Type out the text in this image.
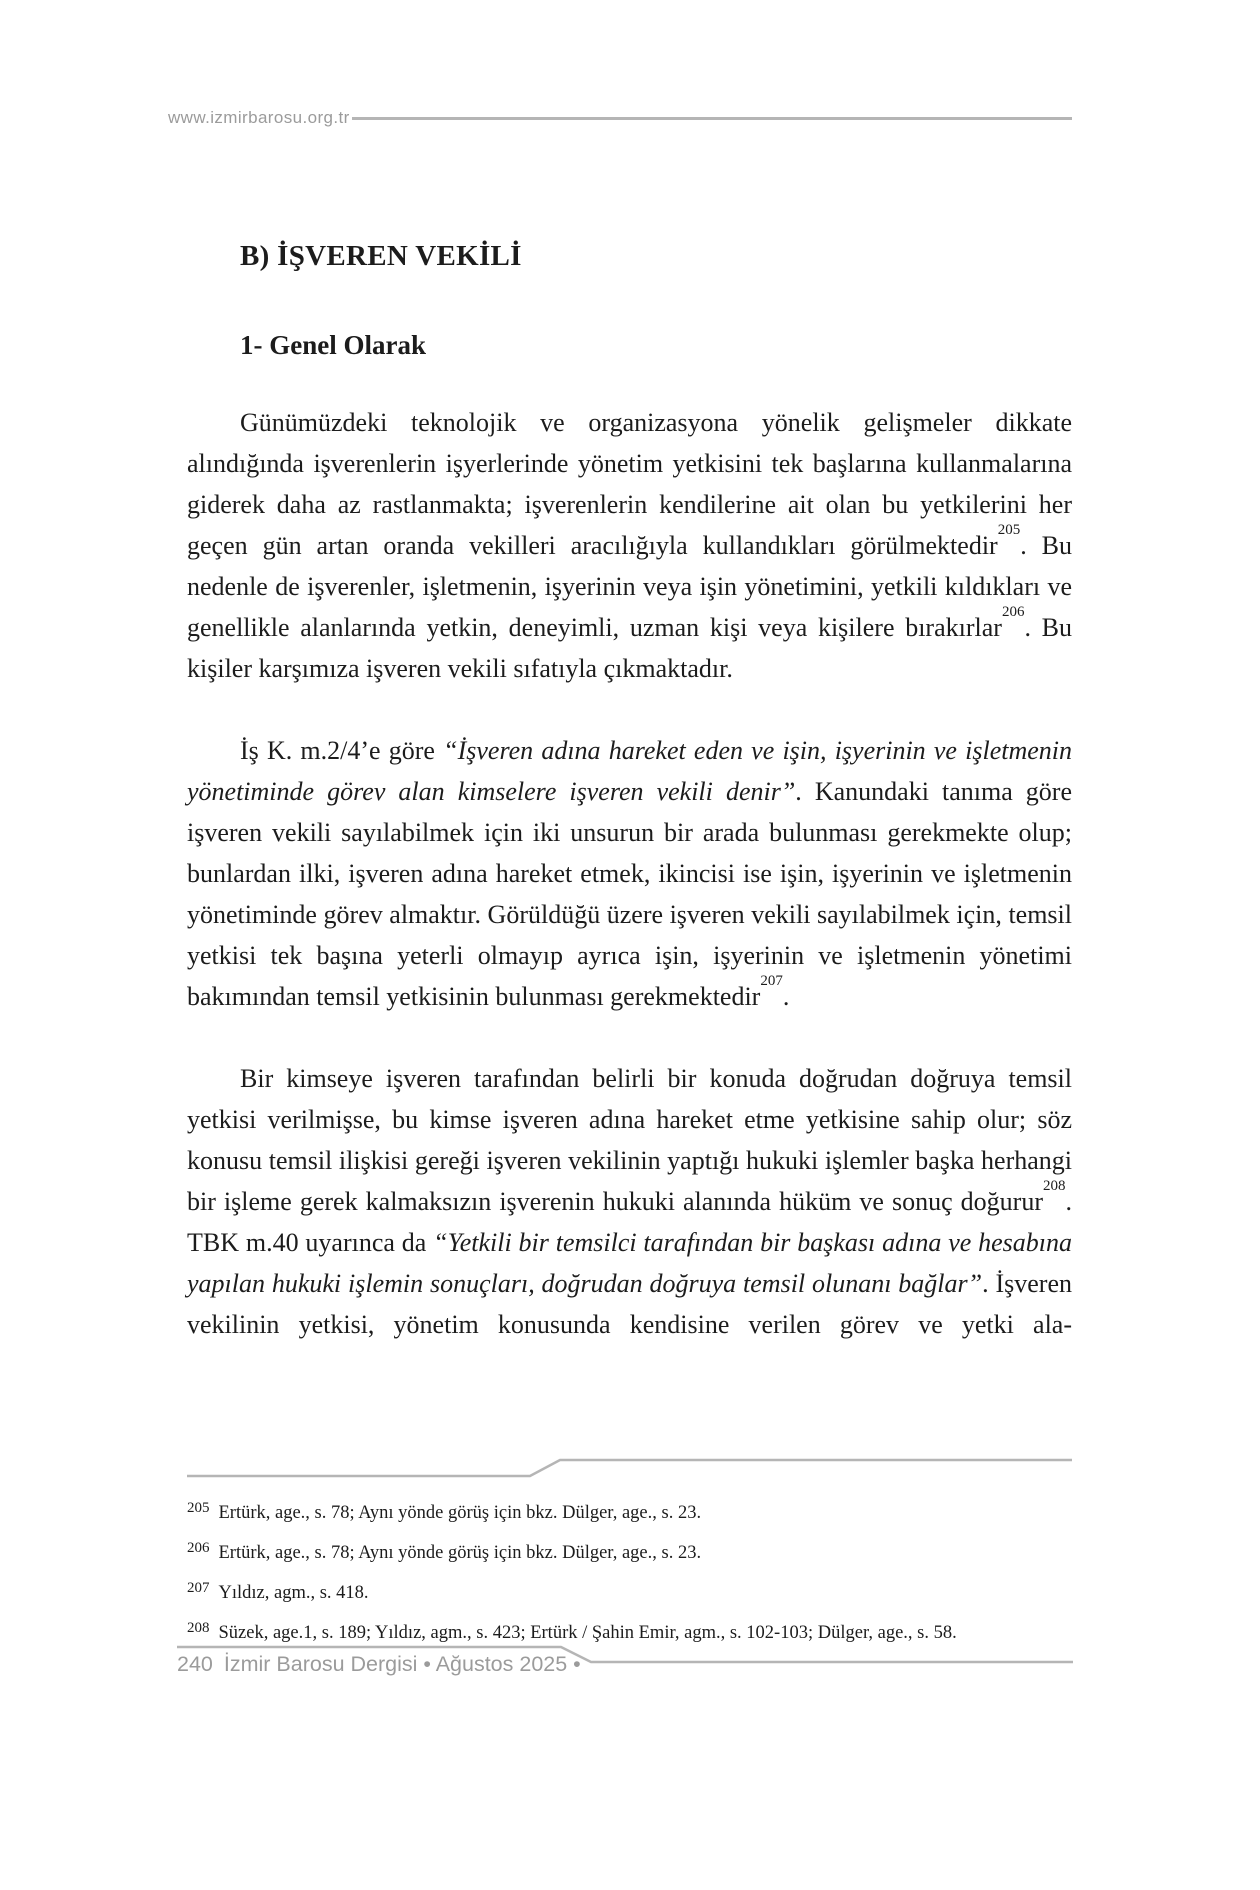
www.izmirbarosu.org.tr
B) İŞVEREN VEKİLİ
1- Genel Olarak

Günümüzdeki teknolojik ve organizasyona yönelik gelişmeler dikkate alındığında işverenlerin işyerlerinde yönetim yetkisini tek başlarına kullanmalarına giderek daha az rastlanmakta; işverenlerin kendilerine ait olan bu yetkilerini her geçen gün artan oranda vekilleri aracılığıyla kullandıkları görülmektedir$^{205}$. Bu nedenle de işverenler, işletmenin, işyerinin veya işin yönetimini, yetkili kıldıkları ve genellikle alanlarında yetkin, deneyimli, uzman kişi veya kişilere bırakırlar$^{206}$. Bu kişiler karşımıza işveren vekili sıfatıyla çıkmaktadır.

İş K. m.2/4’e göre “İşveren adına hareket eden ve işin, işyerinin ve işletmenin yönetiminde görev alan kimselere işveren vekili denir”. Kanundaki tanıma göre işveren vekili sayılabilmek için iki unsurun bir arada bulunması gerekmekte olup; bunlardan ilki, işveren adına hareket etmek, ikincisi ise işin, işyerinin ve işletmenin yönetiminde görev almaktır. Görüldüğü üzere işveren vekili sayılabilmek için, temsil yetkisi tek başına yeterli olmayıp ayrıca işin, işyerinin ve işletmenin yönetimi bakımından temsil yetkisinin bulunması gerekmektedir$^{207}$.

Bir kimseye işveren tarafından belirli bir konuda doğrudan doğruya temsil yetkisi verilmişse, bu kimse işveren adına hareket etme yetkisine sahip olur; söz konusu temsil ilişkisi gereği işveren vekilinin yaptığı hukuki işlemler başka herhangi bir işleme gerek kalmaksızın işverenin hukuki alanında hüküm ve sonuç doğurur$^{208}$. TBK m.40 uyarınca da “Yetkili bir temsilci tarafından bir başkası adına ve hesabına yapılan hukuki işlemin sonuçları, doğrudan doğruya temsil olunanı bağlar”. İşveren vekilinin yetkisi, yönetim konusunda kendisine verilen görev ve yetki ala-

$^{205}$ Ertürk, age., s. 78; Aynı yönde görüş için bkz. Dülger, age., s. 23.
$^{206}$ Ertürk, age., s. 78; Aynı yönde görüş için bkz. Dülger, age., s. 23.
$^{207}$ Yıldız, agm., s. 418.
$^{208}$ Süzek, age.1, s. 189; Yıldız, agm., s. 423; Ertürk / Şahin Emir, agm., s. 102-103; Dülger, age., s. 58.
240 İzmir Barosu Dergisi • Ağustos 2025 •
